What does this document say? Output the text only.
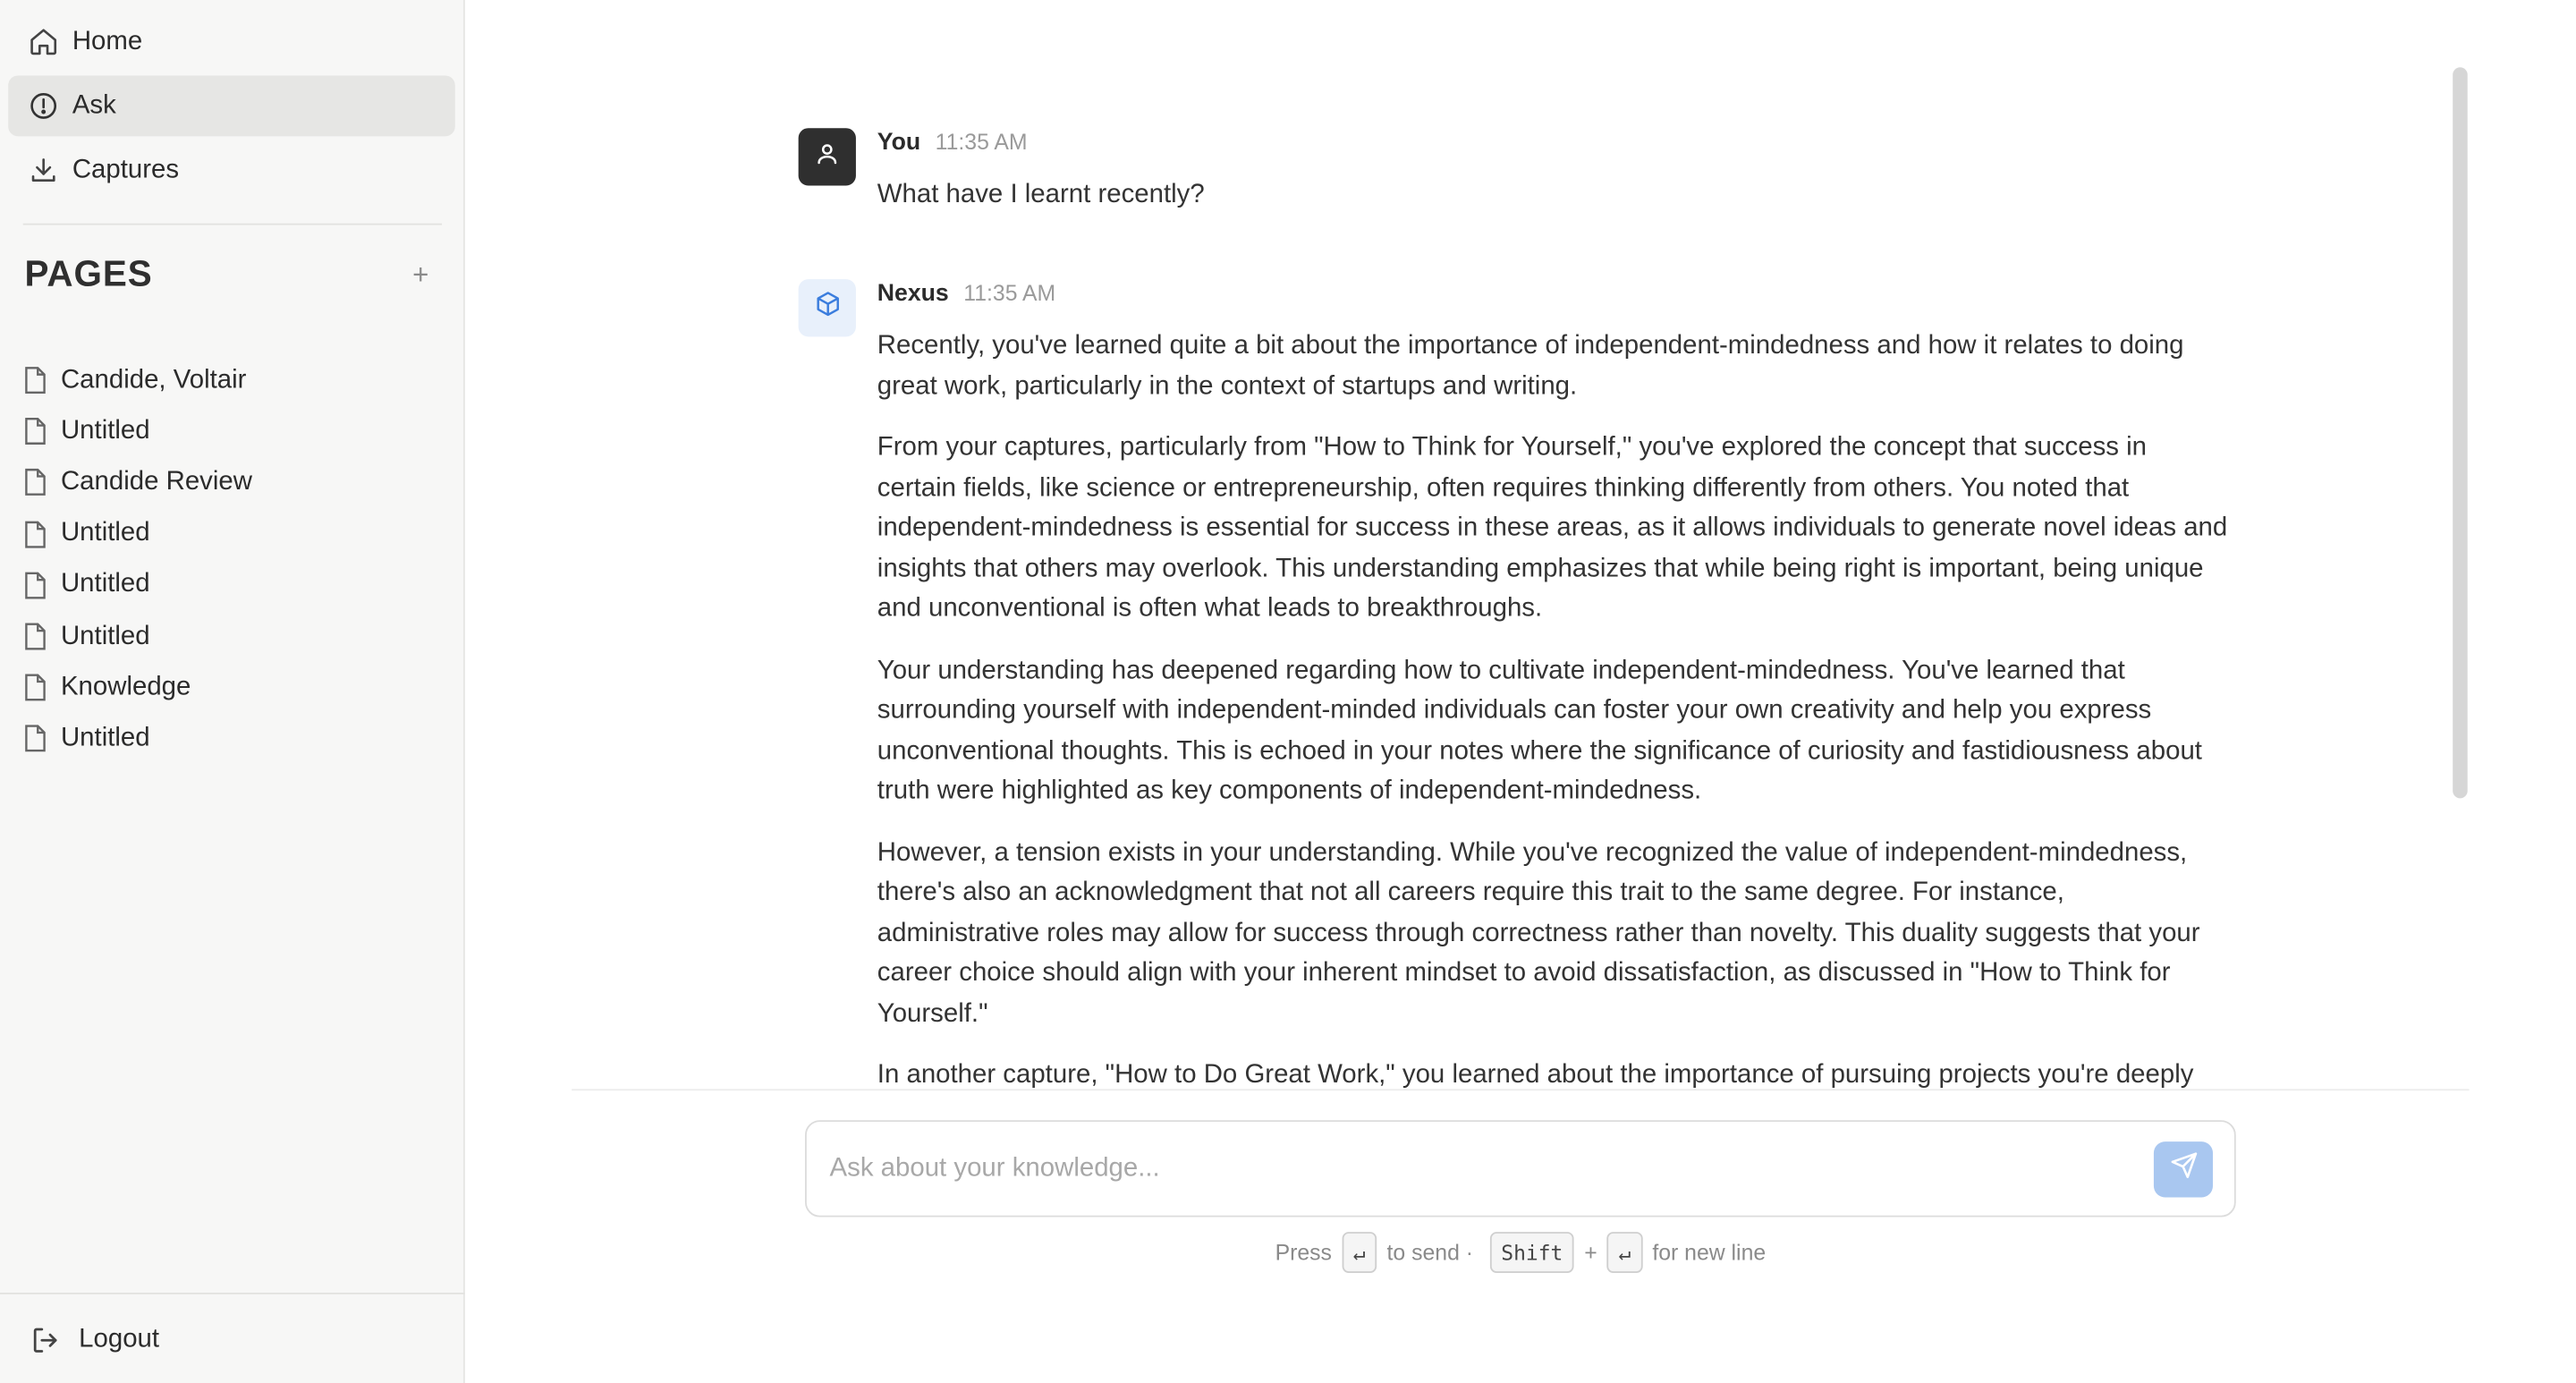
Home
Ask
Captures
PAGES	+
Candide, Voltair
Untitled
Candide Review
Untitled
Untitled
Untitled
Knowledge
Untitled
Logout
You 11:35 AM

What have I learnt recently?

Nexus 11:35 AM

Recently, you've learned quite a bit about the importance of independent-mindedness and how it relates to doing great work, particularly in the context of startups and writing.

From your captures, particularly from "How to Think for Yourself," you've explored the concept that success in certain fields, like science or entrepreneurship, often requires thinking differently from others. You noted that independent-mindedness is essential for success in these areas, as it allows individuals to generate novel ideas and insights that others may overlook. This understanding emphasizes that while being right is important, being unique and unconventional is often what leads to breakthroughs.

Your understanding has deepened regarding how to cultivate independent-mindedness. You've learned that surrounding yourself with independent-minded individuals can foster your own creativity and help you express unconventional thoughts. This is echoed in your notes where the significance of curiosity and fastidiousness about truth were highlighted as key components of independent-mindedness.

However, a tension exists in your understanding. While you've recognized the value of independent-mindedness, there's also an acknowledgment that not all careers require this trait to the same degree. For instance, administrative roles may allow for success through correctness rather than novelty. This duality suggests that your career choice should align with your inherent mindset to avoid dissatisfaction, as discussed in "How to Think for Yourself."

In another capture, "How to Do Great Work," you learned about the importance of pursuing projects you're deeply

Ask about your knowledge...
Press	↵	to send ·	Shift	+	↵	for new line
